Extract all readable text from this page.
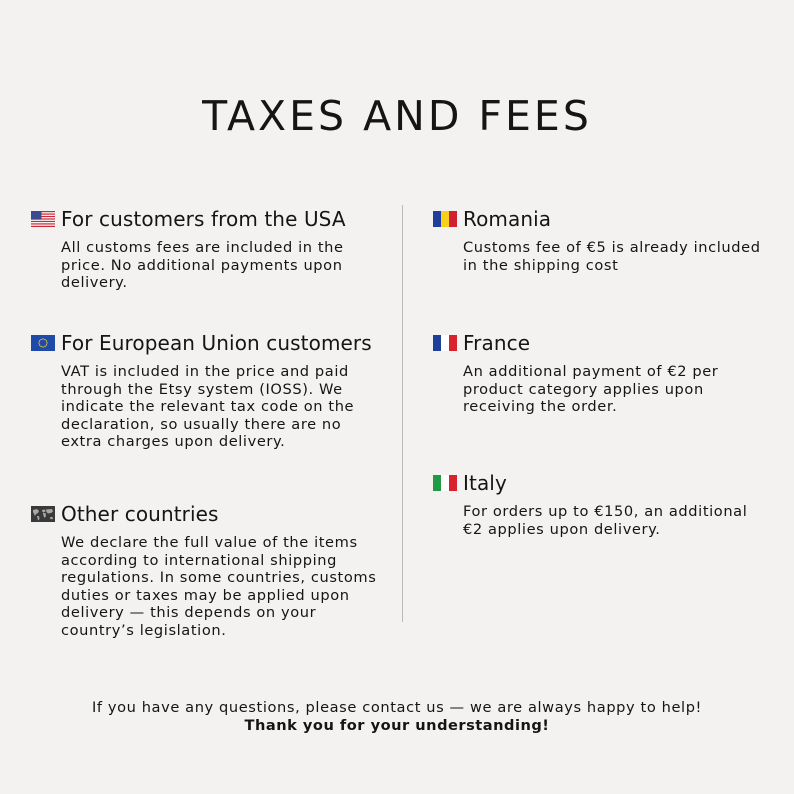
TAXES AND FEES
For customers from the USA
All customs fees are included in the
price. No additional payments upon
delivery.
For European Union customers
VAT is included in the price and paid
through the Etsy system (IOSS). We
indicate the relevant tax code on the
declaration, so usually there are no
extra charges upon delivery.
Other countries
We declare the full value of the items
according to international shipping
regulations. In some countries, customs
duties or taxes may be applied upon
delivery — this depends on your
country’s legislation.
Romania
Customs fee of €5 is already included
in the shipping cost
France
An additional payment of €2 per
product category applies upon
receiving the order.
Italy
For orders up to €150, an additional
€2 applies upon delivery.
If you have any questions, please contact us — we are always happy to help!
Thank you for your understanding!
